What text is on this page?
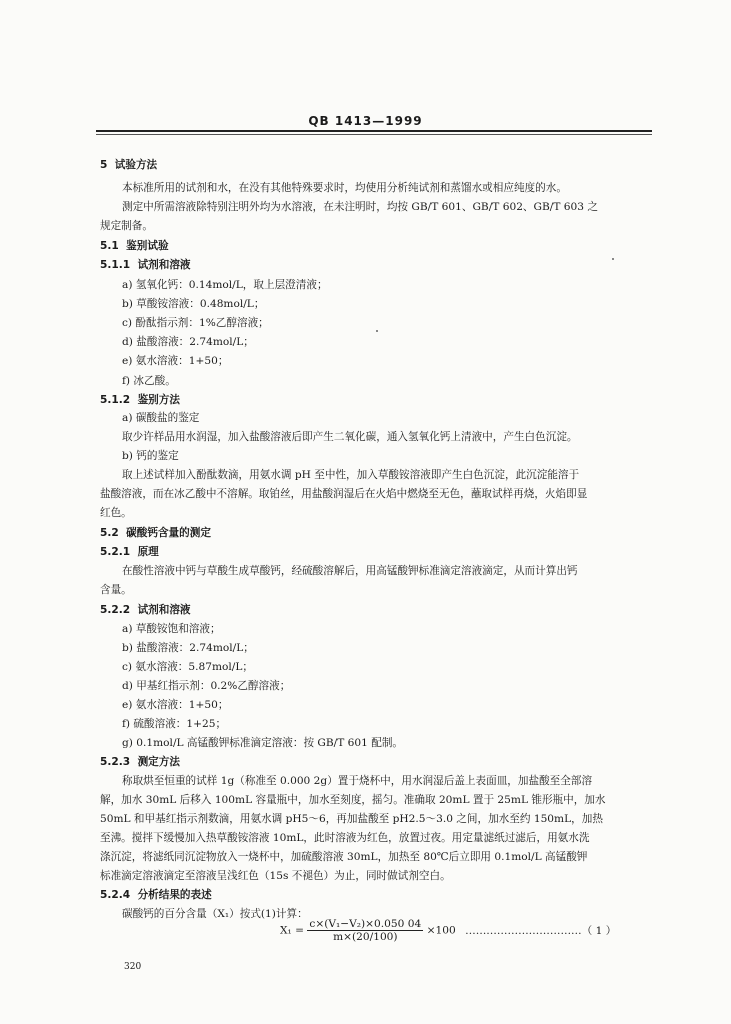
QB 1413—1999
5 试验方法
本标准所用的试剂和水，在没有其他特殊要求时，均使用分析纯试剂和蒸馏水或相应纯度的水。
测定中所需溶液除特别注明外均为水溶液，在未注明时，均按 GB/T 601、GB/T 602、GB/T 603 之
规定制备。
5.1 鉴别试验
5.1.1 试剂和溶液
a) 氢氧化钙：0.14mol/L，取上层澄清液；
b) 草酸铵溶液：0.48mol/L；
c) 酚酞指示剂：1%乙醇溶液；
d) 盐酸溶液：2.74mol/L；
e) 氨水溶液：1+50；
f) 冰乙酸。
5.1.2 鉴别方法
a) 碳酸盐的鉴定
取少许样品用水润湿，加入盐酸溶液后即产生二氧化碳，通入氢氧化钙上清液中，产生白色沉淀。
b) 钙的鉴定
取上述试样加入酚酞数滴，用氨水调 pH 至中性，加入草酸铵溶液即产生白色沉淀，此沉淀能溶于
盐酸溶液，而在冰乙酸中不溶解。取铂丝，用盐酸润湿后在火焰中燃烧至无色，蘸取试样再烧，火焰即显
红色。
5.2 碳酸钙含量的测定
5.2.1 原理
在酸性溶液中钙与草酸生成草酸钙，经硫酸溶解后，用高锰酸钾标准滴定溶液滴定，从而计算出钙
含量。
5.2.2 试剂和溶液
a) 草酸铵饱和溶液；
b) 盐酸溶液：2.74mol/L；
c) 氨水溶液：5.87mol/L；
d) 甲基红指示剂：0.2%乙醇溶液；
e) 氨水溶液：1+50；
f) 硫酸溶液：1+25；
g) 0.1mol/L 高锰酸钾标准滴定溶液：按 GB/T 601 配制。
5.2.3 测定方法
称取烘至恒重的试样 1g（称准至 0.000 2g）置于烧杯中，用水润湿后盖上表面皿，加盐酸至全部溶
解，加水 30mL 后移入 100mL 容量瓶中，加水至刻度，摇匀。准确取 20mL 置于 25mL 锥形瓶中，加水
50mL 和甲基红指示剂数滴，用氨水调 pH5～6，再加盐酸至 pH2.5～3.0 之间，加水至约 150mL，加热
至沸。搅拌下缓慢加入热草酸铵溶液 10mL，此时溶液为红色，放置过夜。用定量滤纸过滤后，用氨水洗
涤沉淀，将滤纸同沉淀物放入一烧杯中，加硫酸溶液 30mL，加热至 80℃后立即用 0.1mol/L 高锰酸钾
标准滴定溶液滴定至溶液呈浅红色（15s 不褪色）为止，同时做试剂空白。
5.2.4 分析结果的表述
碳酸钙的百分含量（X₁）按式(1)计算：
$X_1 = \frac{\text{c×(V₁−V₂)×0.050 04}}{m\times(20/100)} \times 100$ ……………………………（ 1 ）
320
